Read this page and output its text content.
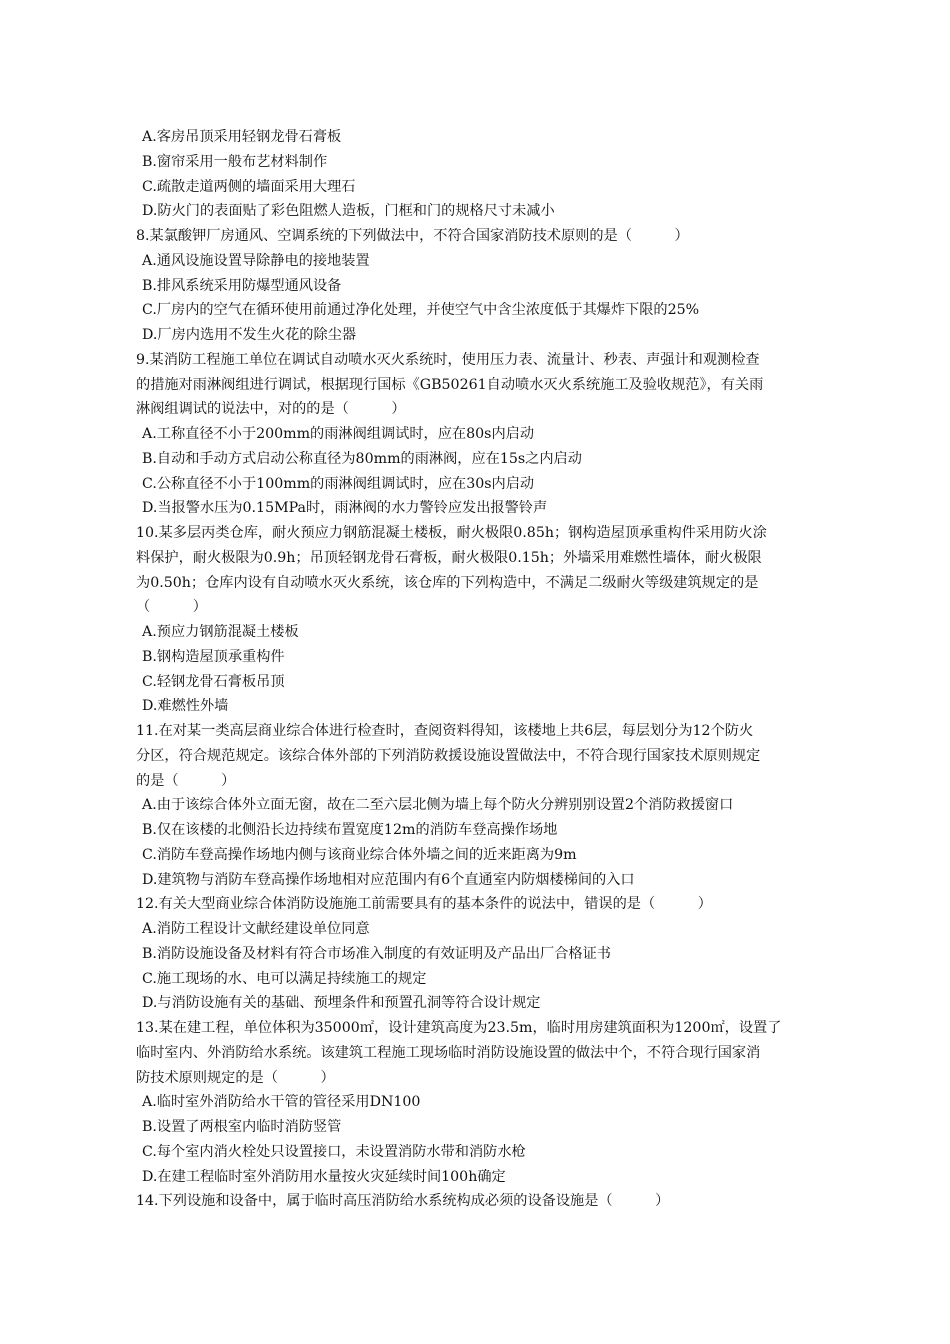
A.客房吊顶采用轻钢龙骨石膏板
B.窗帘采用一般布艺材料制作
C.疏散走道两侧的墙面采用大理石
D.防火门的表面贴了彩色阻燃人造板，门框和门的规格尺寸未减小
8.某氯酸钾厂房通风、空调系统的下列做法中，不符合国家消防技术原则的是（　　　）
A.通风设施设置导除静电的接地装置
B.排风系统采用防爆型通风设备
C.厂房内的空气在循环使用前通过净化处理，并使空气中含尘浓度低于其爆炸下限的25%
D.厂房内选用不发生火花的除尘器
9.某消防工程施工单位在调试自动喷水灭火系统时，使用压力表、流量计、秒表、声强计和观测检查
的措施对雨淋阀组进行调试，根据现行国标《GB50261自动喷水灭火系统施工及验收规范》，有关雨
淋阀组调试的说法中，对的的是（　　　）
A.工称直径不小于200mm的雨淋阀组调试时，应在80s内启动
B.自动和手动方式启动公称直径为80mm的雨淋阀，应在15s之内启动
C.公称直径不小于100mm的雨淋阀组调试时，应在30s内启动
D.当报警水压为0.15MPa时，雨淋阀的水力警铃应发出报警铃声
10.某多层丙类仓库，耐火预应力钢筋混凝土楼板，耐火极限0.85h；钢构造屋顶承重构件采用防火涂
料保护，耐火极限为0.9h；吊顶轻钢龙骨石膏板，耐火极限0.15h；外墙采用难燃性墙体，耐火极限
为0.50h；仓库内设有自动喷水灭火系统，该仓库的下列构造中，不满足二级耐火等级建筑规定的是
（　　　）
A.预应力钢筋混凝土楼板
B.钢构造屋顶承重构件
C.轻钢龙骨石膏板吊顶
D.难燃性外墙
11.在对某一类高层商业综合体进行检查时，查阅资料得知，该楼地上共6层，每层划分为12个防火
分区，符合规范规定。该综合体外部的下列消防救援设施设置做法中，不符合现行国家技术原则规定
的是（　　　）
A.由于该综合体外立面无窗，故在二至六层北侧为墙上每个防火分辨别别设置2个消防救援窗口
B.仅在该楼的北侧沿长边持续布置宽度12m的消防车登高操作场地
C.消防车登高操作场地内侧与该商业综合体外墙之间的近来距离为9m
D.建筑物与消防车登高操作场地相对应范围内有6个直通室内防烟楼梯间的入口
12.有关大型商业综合体消防设施施工前需要具有的基本条件的说法中，错误的是（　　　）
A.消防工程设计文献经建设单位同意
B.消防设施设备及材料有符合市场准入制度的有效证明及产品出厂合格证书
C.施工现场的水、电可以满足持续施工的规定
D.与消防设施有关的基础、预埋条件和预置孔洞等符合设计规定
13.某在建工程，单位体积为35000㎡，设计建筑高度为23.5m，临时用房建筑面积为1200㎡，设置了
临时室内、外消防给水系统。该建筑工程施工现场临时消防设施设置的做法中个，不符合现行国家消
防技术原则规定的是（　　　）
A.临时室外消防给水干管的管径采用DN100
B.设置了两根室内临时消防竖管
C.每个室内消火栓处只设置接口，未设置消防水带和消防水枪
D.在建工程临时室外消防用水量按火灾延续时间100h确定
14.下列设施和设备中，属于临时高压消防给水系统构成必须的设备设施是（　　　）
